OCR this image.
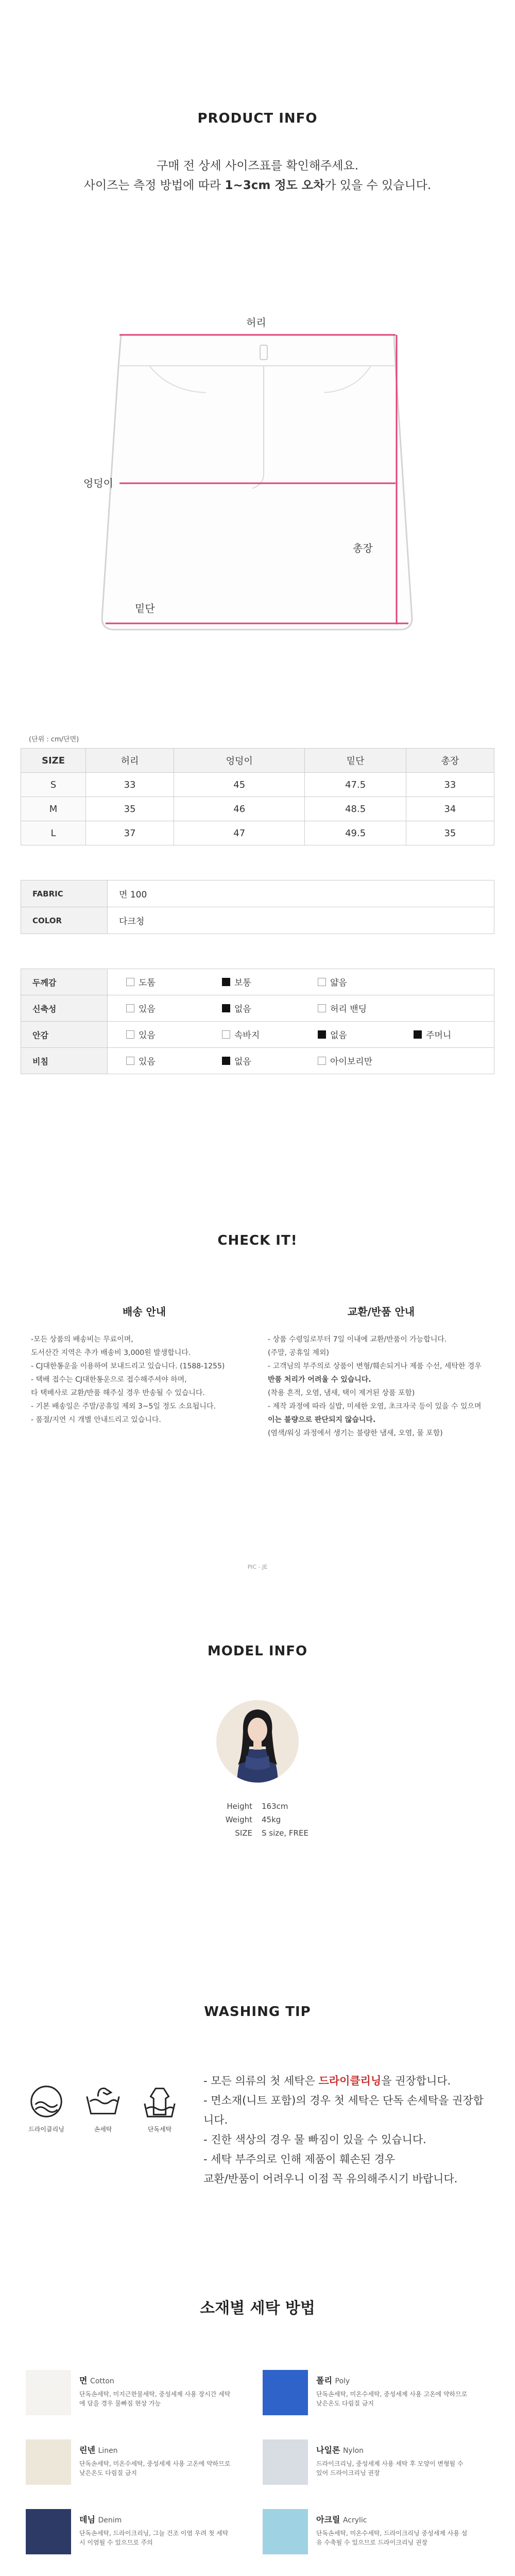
PRODUCT INFO
구매 전 상세 사이즈표를 확인해주세요.
사이즈는 측정 방법에 따라 1~3cm 정도 오차가 있을 수 있습니다.
허리
엉덩이
총장
밑단
(단위 : cm/단면)
SIZE	허리	엉덩이	밑단	총장
S	33	45	47.5	33
M	35	46	48.5	34
L	37	47	49.5	35
FABRIC	면 100
COLOR	다크청
두께감	도톰 보통 얇음

신축성	있음 없음 허리 밴딩

안감	있음 속바지 없음 주머니

비침	있음 없음 아이보리만
CHECK IT!
배송 안내

-모든 상품의 배송비는 무료이며,

도서산간 지역은 추가 배송비 3,000원 발생합니다.

- CJ대한통운을 이용하여 보내드리고 있습니다. (1588-1255)

- 택배 접수는 CJ대한통운으로 접수해주셔야 하며,

타 택배사로 교환/반품 해주실 경우 반송될 수 있습니다.

- 기본 배송일은 주말/공휴일 제외 3~5일 정도 소요됩니다.

- 품절/지연 시 개별 안내드리고 있습니다.

교환/반품 안내

- 상품 수령일로부터 7일 이내에 교환/반품이 가능합니다.

(주말, 공휴일 제외)

- 고객님의 부주의로 상품이 변형/훼손되거나 제품 수선, 세탁한 경우

반품 처리가 어려울 수 있습니다.

(착용 흔적, 오염, 냄새, 택이 제거된 상품 포함)

- 제작 과정에 따라 실밥, 미세한 오염, 초크자국 등이 있을 수 있으며

이는 불량으로 판단되지 않습니다.

(염색/워싱 과정에서 생기는 불량한 냄새, 오염, 물 포함)

PIC - JE
MODEL INFO
Height 163cm
Weight 45kg
SIZE S size, FREE
WASHING TIP
드라이클리닝	손세탁	단독세탁
- 모든 의류의 첫 세탁은 드라이클리닝을 권장합니다.
- 면소재(니트 포함)의 경우 첫 세탁은 단독 손세탁을 권장합니다.
- 진한 색상의 경우 물 빠짐이 있을 수 있습니다.
- 세탁 부주의로 인해 제품이 훼손된 경우
교환/반품이 어려우니 이점 꼭 유의해주시기 바랍니다.
소재별 세탁 방법
면 Cotton
단독손세탁, 미지근한물세탁, 중성세제 사용 장시간 세탁에 담을 경우 물빠짐 현상 가능
폴리 Poly
단독손세탁, 미온수세탁, 중성세제 사용 고온에 약하므로 낮은온도 다림질 금지
린넨 Linen
단독손세탁, 미온수세탁, 중성세제 사용 고온에 약하므로 낮은온도 다림질 금지
나일론 Nylon
드라이크리닝, 중성세제 사용 세탁 후 모양이 변형될 수 있어 드라이크리닝 권장
데님 Denim
단독손세탁, 드라이크리닝, 그늘 건조 이염 우려 첫 세탁 시 이염될 수 있으므로 주의
아크릴 Acrylic
단독손세탁, 미온수세탁, 드라이크리닝 중성세제 사용 섬유 수축될 수 있으므로 드라이크리닝 권장
